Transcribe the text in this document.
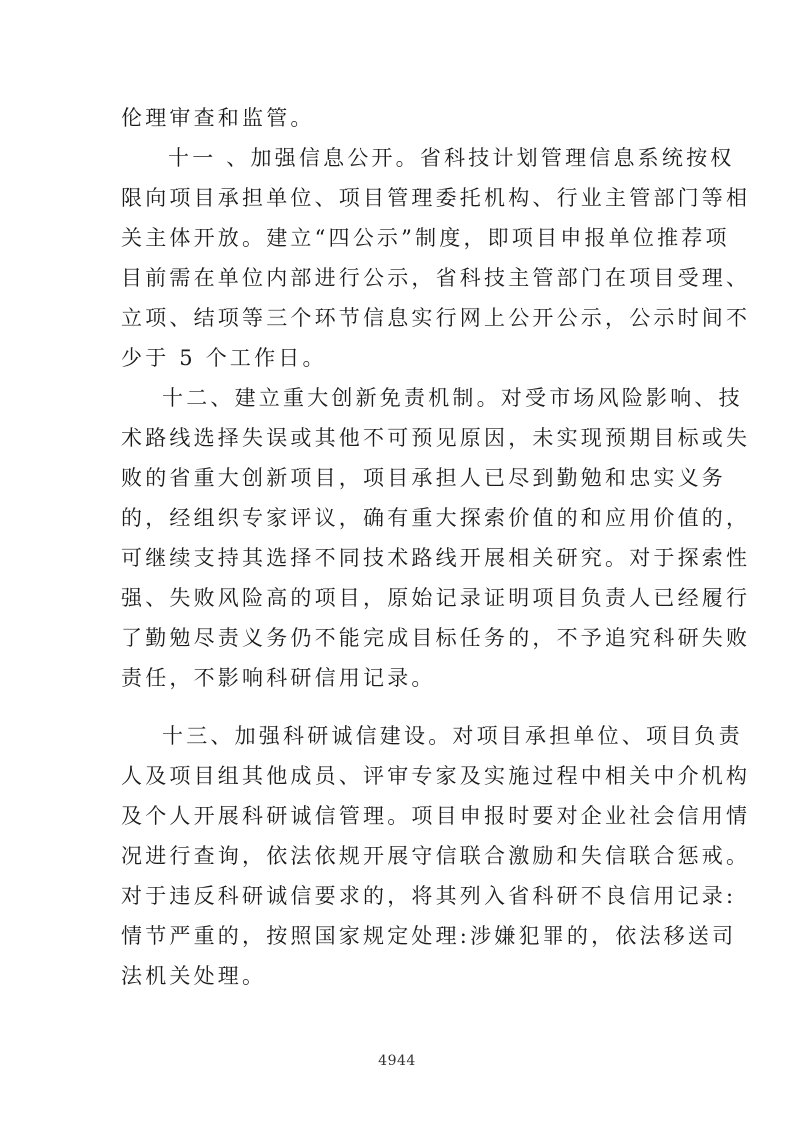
伦理审查和监管。
十一 、加强信息公开。省科技计划管理信息系统按权
限向项目承担单位、项目管理委托机构、行业主管部门等相
关主体开放。建立“四公示”制度，即项目申报单位推荐项
目前需在单位内部进行公示，省科技主管部门在项目受理、
立项、结项等三个环节信息实行网上公开公示，公示时间不
少于 5 个工作日。
十二、建立重大创新免责机制。对受市场风险影响、技
术路线选择失误或其他不可预见原因，未实现预期目标或失
败的省重大创新项目，项目承担人已尽到勤勉和忠实义务
的，经组织专家评议，确有重大探索价值的和应用价值的，
可继续支持其选择不同技术路线开展相关研究。对于探索性
强、失败风险高的项目，原始记录证明项目负责人已经履行
了勤勉尽责义务仍不能完成目标任务的，不予追究科研失败
责任，不影响科研信用记录。
十三、加强科研诚信建设。对项目承担单位、项目负责
人及项目组其他成员、评审专家及实施过程中相关中介机构
及个人开展科研诚信管理。项目申报时要对企业社会信用情
况进行查询，依法依规开展守信联合激励和失信联合惩戒。
对于违反科研诚信要求的，将其列入省科研不良信用记录:
情节严重的，按照国家规定处理:涉嫌犯罪的，依法移送司
法机关处理。
4944
